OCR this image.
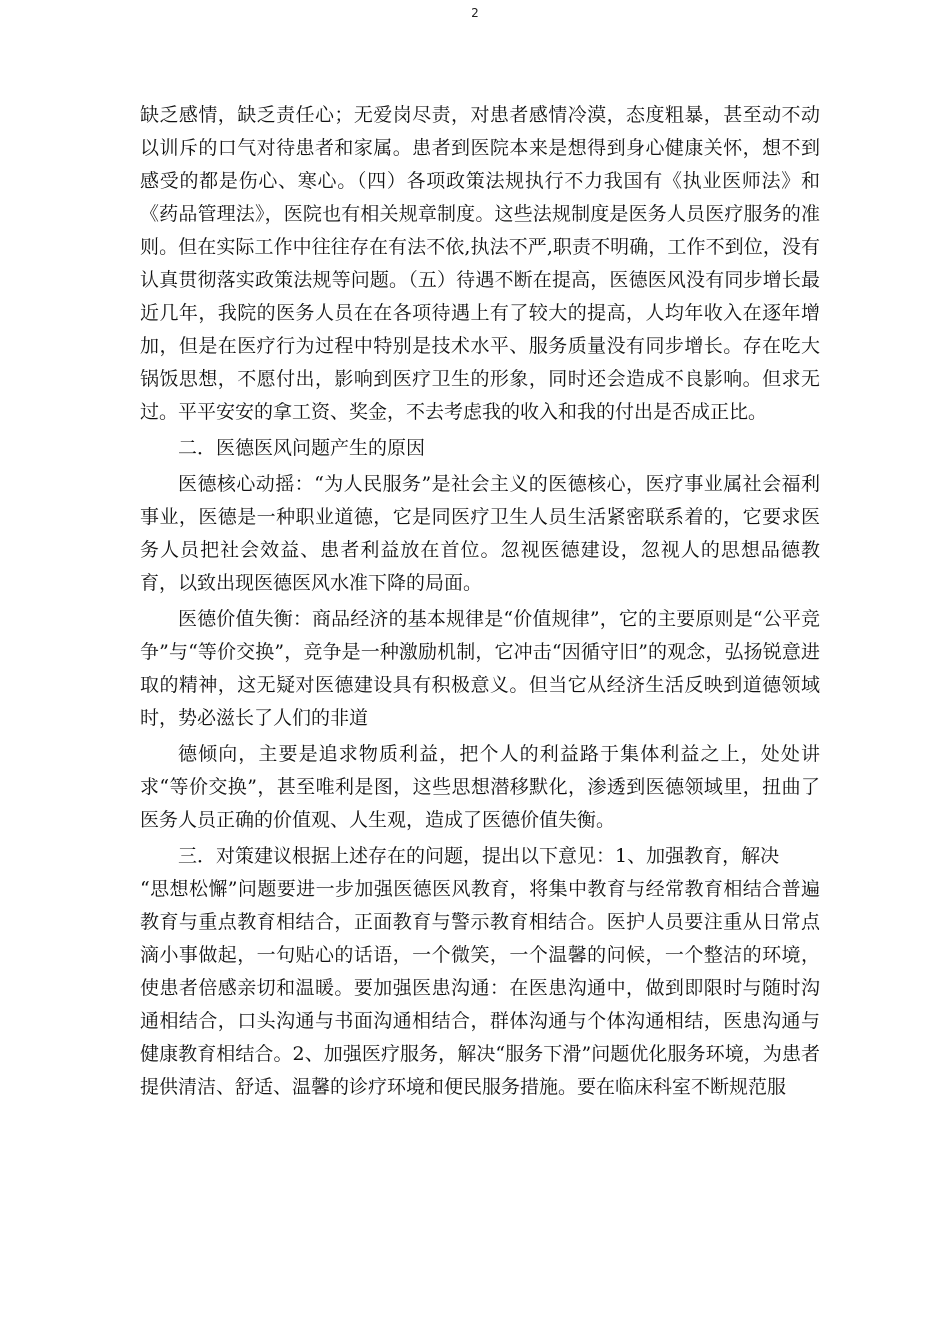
2

缺乏感情，缺乏责任心；无爱岗尽责，对患者感情冷漠，态度粗暴，甚至动不动以训斥的口气对待患者和家属。患者到医院本来是想得到身心健康关怀，想不到感受的都是伤心、寒心。（四）各项政策法规执行不力我国有《执业医师法》和《药品管理法》，医院也有相关规章制度。这些法规制度是医务人员医疗服务的准则。但在实际工作中往往存在有法不依,执法不严,职责不明确，工作不到位，没有认真贯彻落实政策法规等问题。（五）待遇不断在提高，医德医风没有同步增长最近几年，我院的医务人员在在各项待遇上有了较大的提高，人均年收入在逐年增加，但是在医疗行为过程中特别是技术水平、服务质量没有同步增长。存在吃大锅饭思想，不愿付出，影响到医疗卫生的形象，同时还会造成不良影响。但求无过。平平安安的拿工资、奖金，不去考虑我的收入和我的付出是否成正比。

二．医德医风问题产生的原因

医德核心动摇：“为人民服务”是社会主义的医德核心，医疗事业属社会福利事业，医德是一种职业道德，它是同医疗卫生人员生活紧密联系着的，它要求医务人员把社会效益、患者利益放在首位。忽视医德建设，忽视人的思想品德教育，以致出现医德医风水准下降的局面。

医德价值失衡：商品经济的基本规律是“价值规律”，它的主要原则是“公平竞争”与“等价交换”，竞争是一种激励机制，它冲击“因循守旧”的观念，弘扬锐意进取的精神，这无疑对医德建设具有积极意义。但当它从经济生活反映到道德领域时，势必滋长了人们的非道

德倾向，主要是追求物质利益，把个人的利益路于集体利益之上，处处讲求“等价交换”，甚至唯利是图，这些思想潜移默化，渗透到医德领域里，扭曲了医务人员正确的价值观、人生观，造成了医德价值失衡。

三．对策建议根据上述存在的问题，提出以下意见：1、加强教育，解决

“思想松懈”问题要进一步加强医德医风教育，将集中教育与经常教育相结合普遍教育与重点教育相结合，正面教育与警示教育相结合。医护人员要注重从日常点滴小事做起，一句贴心的话语，一个微笑，一个温馨的问候，一个整洁的环境，使患者倍感亲切和温暖。要加强医患沟通：在医患沟通中，做到即限时与随时沟通相结合，口头沟通与书面沟通相结合，群体沟通与个体沟通相结，医患沟通与健康教育相结合。2、加强医疗服务，解决“服务下滑”问题优化服务环境，为患者提供清洁、舒适、温馨的诊疗环境和便民服务措施。要在临床科室不断规范服
